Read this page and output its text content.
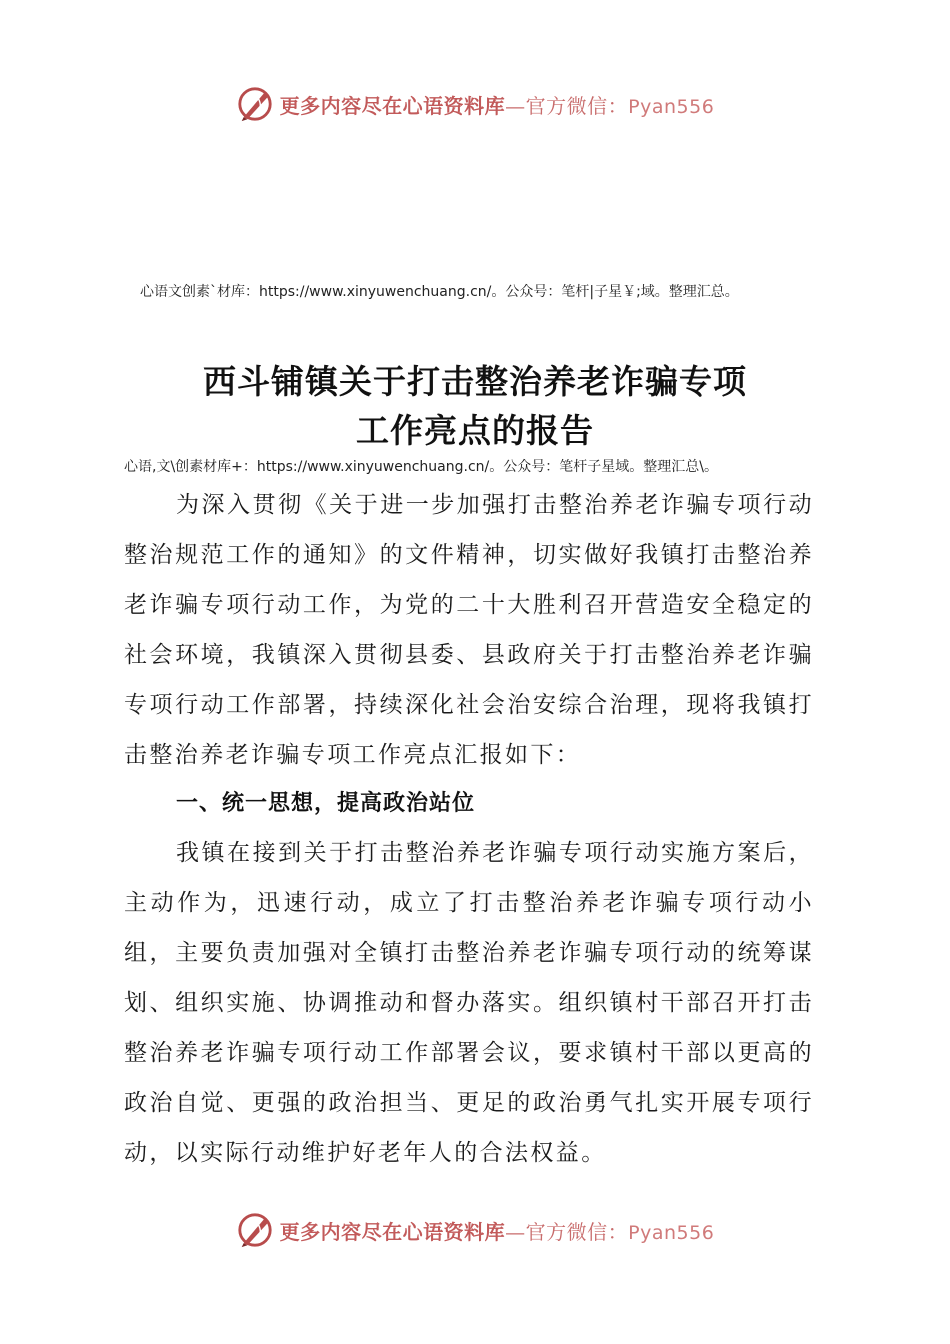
更多内容尽在心语资料库—官方微信：Pyan556
心语文创素`材库：https://www.xinyuwenchuang.cn/。公众号：笔杆|子星￥;域。整理汇总。
西斗铺镇关于打击整治养老诈骗专项
工作亮点的报告
心语,文\创素材库+：https://www.xinyuwenchuang.cn/。公众号：笔杆子星域。整理汇总\。
为深入贯彻《关于进一步加强打击整治养老诈骗专项行动整治规范工作的通知》的文件精神，切实做好我镇打击整治养老诈骗专项行动工作，为党的二十大胜利召开营造安全稳定的社会环境，我镇深入贯彻县委、县政府关于打击整治养老诈骗专项行动工作部署，持续深化社会治安综合治理，现将我镇打击整治养老诈骗专项工作亮点汇报如下：
一、统一思想，提高政治站位
我镇在接到关于打击整治养老诈骗专项行动实施方案后，主动作为，迅速行动，成立了打击整治养老诈骗专项行动小组，主要负责加强对全镇打击整治养老诈骗专项行动的统筹谋划、组织实施、协调推动和督办落实。组织镇村干部召开打击整治养老诈骗专项行动工作部署会议，要求镇村干部以更高的政治自觉、更强的政治担当、更足的政治勇气扎实开展专项行动，以实际行动维护好老年人的合法权益。
更多内容尽在心语资料库—官方微信：Pyan556
